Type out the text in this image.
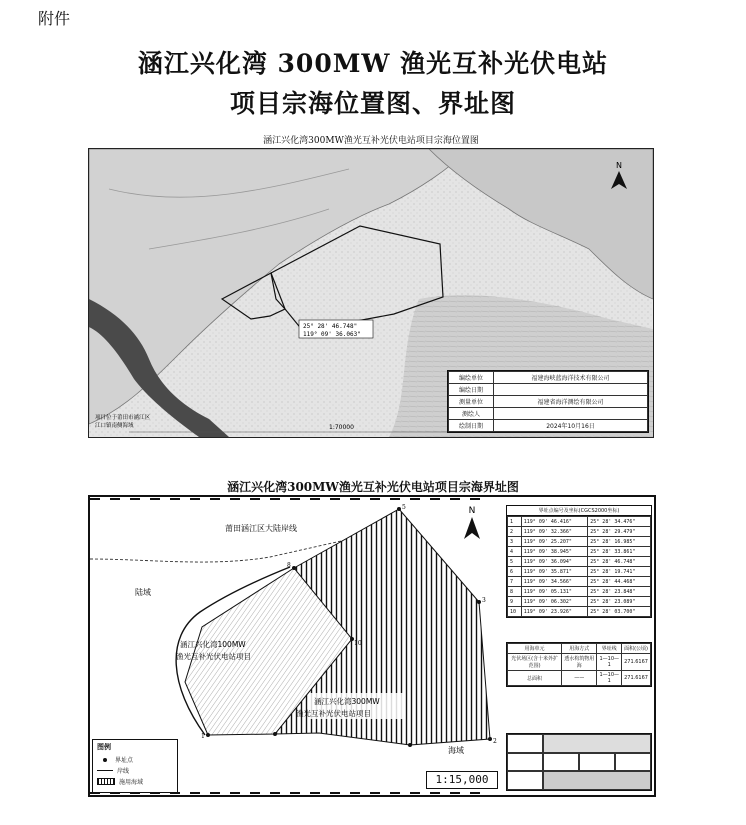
附件
涵江兴化湾 300MW 渔光互补光伏电站
项目宗海位置图、界址图
涵江兴化湾300MW渔光互补光伏电站项目宗海位置图
25° 28' 46.748"
119° 09' 36.063"
N
项目位于莆田市涵江区
江口镇南侧海域	1:70000
编绘单位	福建海峡蓝海洋技术有限公司
编绘日期	
测量单位	福建省海洋测绘有限公司
测绘人	
绘制日期	2024年10月16日
涵江兴化湾300MW渔光互补光伏电站项目宗海界址图
1
8
5
3
10
2
莆田涵江区大陆岸线
陆域
海域
涵江兴化湾100MW
渔光互补光伏电站项目
涵江兴化湾300MW
渔光互补光伏电站项目
N
图例
界址点
岸线
施用海域	1:15,000
界址点编号及坐标(CGCS2000坐标)
1	119° 09' 46.416"	25° 28' 34.476"
2	119° 09' 32.366"	25° 28' 29.479"
3	119° 09' 25.207"	25° 28' 16.985"
4	119° 09' 38.945"	25° 28' 33.861"
5	119° 09' 36.094"	25° 28' 46.748"
6	119° 09' 35.871"	25° 28' 19.741"
7	119° 09' 34.566"	25° 28' 44.468"
8	119° 09' 05.131"	25° 28' 23.848"
9	119° 09' 06.302"	25° 28' 23.089"
10	119° 09' 23.926"	25° 28' 03.700"
用海单元	用海方式	界址线	面积(公顷)
光伏场区(含十米外扩范围)	透水构筑物用海	1—10—1	271.6167
总面积	——	1—10—1	271.6167
